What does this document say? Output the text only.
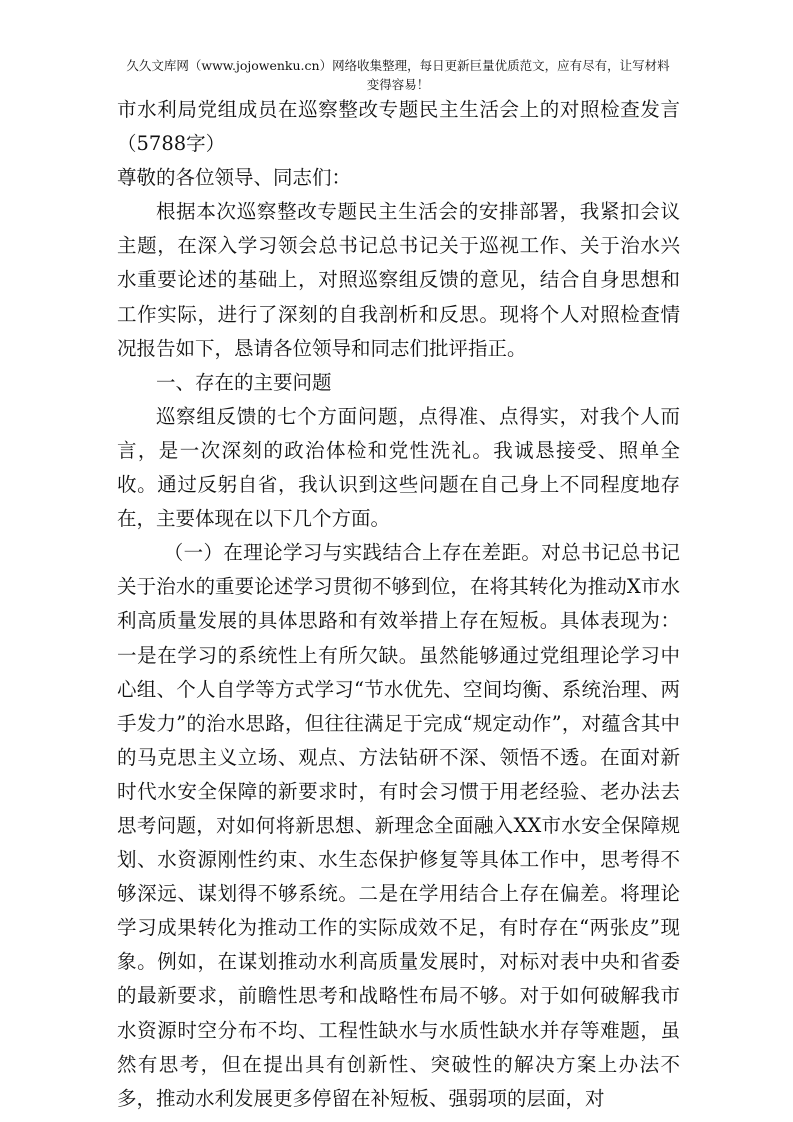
久久文库网（www.jojowenku.cn）网络收集整理，每日更新巨量优质范文，应有尽有，让写材料
变得容易！

市水利局党组成员在巡察整改专题民主生活会上的对照检查发言（5788字）

尊敬的各位领导、同志们：

根据本次巡察整改专题民主生活会的安排部署，我紧扣会议主题，在深入学习领会总书记总书记关于巡视工作、关于治水兴水重要论述的基础上，对照巡察组反馈的意见，结合自身思想和工作实际，进行了深刻的自我剖析和反思。现将个人对照检查情况报告如下，恳请各位领导和同志们批评指正。

一、存在的主要问题

巡察组反馈的七个方面问题，点得准、点得实，对我个人而言，是一次深刻的政治体检和党性洗礼。我诚恳接受、照单全收。通过反躬自省，我认识到这些问题在自己身上不同程度地存在，主要体现在以下几个方面。

（一）在理论学习与实践结合上存在差距。对总书记总书记关于治水的重要论述学习贯彻不够到位，在将其转化为推动X市水利高质量发展的具体思路和有效举措上存在短板。具体表现为：一是在学习的系统性上有所欠缺。虽然能够通过党组理论学习中心组、个人自学等方式学习“节水优先、空间均衡、系统治理、两手发力”的治水思路，但往往满足于完成“规定动作”，对蕴含其中的马克思主义立场、观点、方法钻研不深、领悟不透。在面对新时代水安全保障的新要求时，有时会习惯于用老经验、老办法去思考问题，对如何将新思想、新理念全面融入XX市水安全保障规划、水资源刚性约束、水生态保护修复等具体工作中，思考得不够深远、谋划得不够系统。二是在学用结合上存在偏差。将理论学习成果转化为推动工作的实际成效不足，有时存在“两张皮”现象。例如，在谋划推动水利高质量发展时，对标对表中央和省委的最新要求，前瞻性思考和战略性布局不够。对于如何破解我市水资源时空分布不均、工程性缺水与水质性缺水并存等难题，虽然有思考，但在提出具有创新性、突破性的解决方案上办法不多，推动水利发展更多停留在补短板、强弱项的层面，对
